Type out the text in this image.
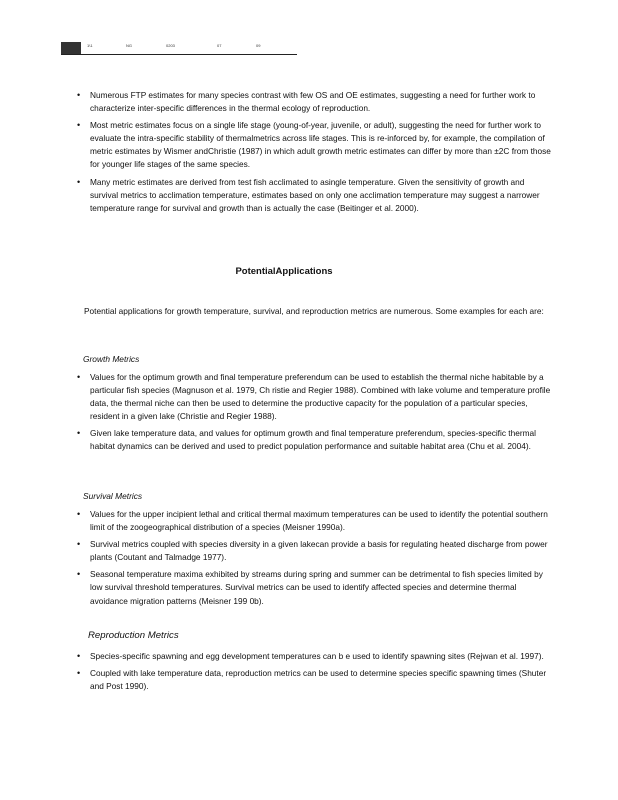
1\1	NG	0203	07	09
• Numerous FTP estimates for many species contrast with few OS and OE estimates, suggesting a need for further work to characterize inter-specific differences in the thermal ecology of reproduction.
• Most metric estimates focus on a single life stage (young-of-year, juvenile, or adult), suggesting the need for further work to evaluate the intra-specific stability of thermalmetrics across life stages. This is re-inforced by, for example, the compilation of metric estimates by Wismer andChristie (1987) in which adult growth metric estimates can differ by more than ±2C from those for younger life stages of the same species.
• Many metric estimates are derived from test fish acclimated to asingle temperature. Given the sensitivity of growth and survival metrics to acclimation temperature, estimates based on only one acclimation temperature may suggest a narrower temperature range for survival and growth than is actually the case (Beitinger et al. 2000).
PotentialApplications
Potential applications for growth temperature, survival, and reproduction metrics are numerous. Some examples for each are:
Growth Metrics
• Values for the optimum growth and final temperature preferendum can be used to establish the thermal niche habitable by a particular fish species (Magnuson et al. 1979, Ch ristie and Regier 1988). Combined with lake volume and temperature profile data, the thermal niche can then be used to determine the productive capacity for the population of a particular species, resident in a given lake (Christie and Regier 1988).
• Given lake temperature data, and values for optimum growth and final temperature preferendum, species-specific thermal habitat dynamics can be derived and used to predict population performance and suitable habitat area (Chu et al. 2004).
Survival Metrics
• Values for the upper incipient lethal and critical thermal maximum temperatures can be used to identify the potential southern limit of the zoogeographical distribution of a species (Meisner 1990a).
• Survival metrics coupled with species diversity in a given lakecan provide a basis for regulating heated discharge from power plants (Coutant and Talmadge 1977).
• Seasonal temperature maxima exhibited by streams during spring and summer can be detrimental to fish species limited by low survival threshold temperatures. Survival metrics can be used to identify affected species and determine thermal avoidance migration patterns (Meisner 199 0b).
Reproduction Metrics
• Species-specific spawning and egg development temperatures can b e used to identify spawning sites (Rejwan et al. 1997).
• Coupled with lake temperature data, reproduction metrics can be used to determine species specific spawning times (Shuter and Post 1990).
